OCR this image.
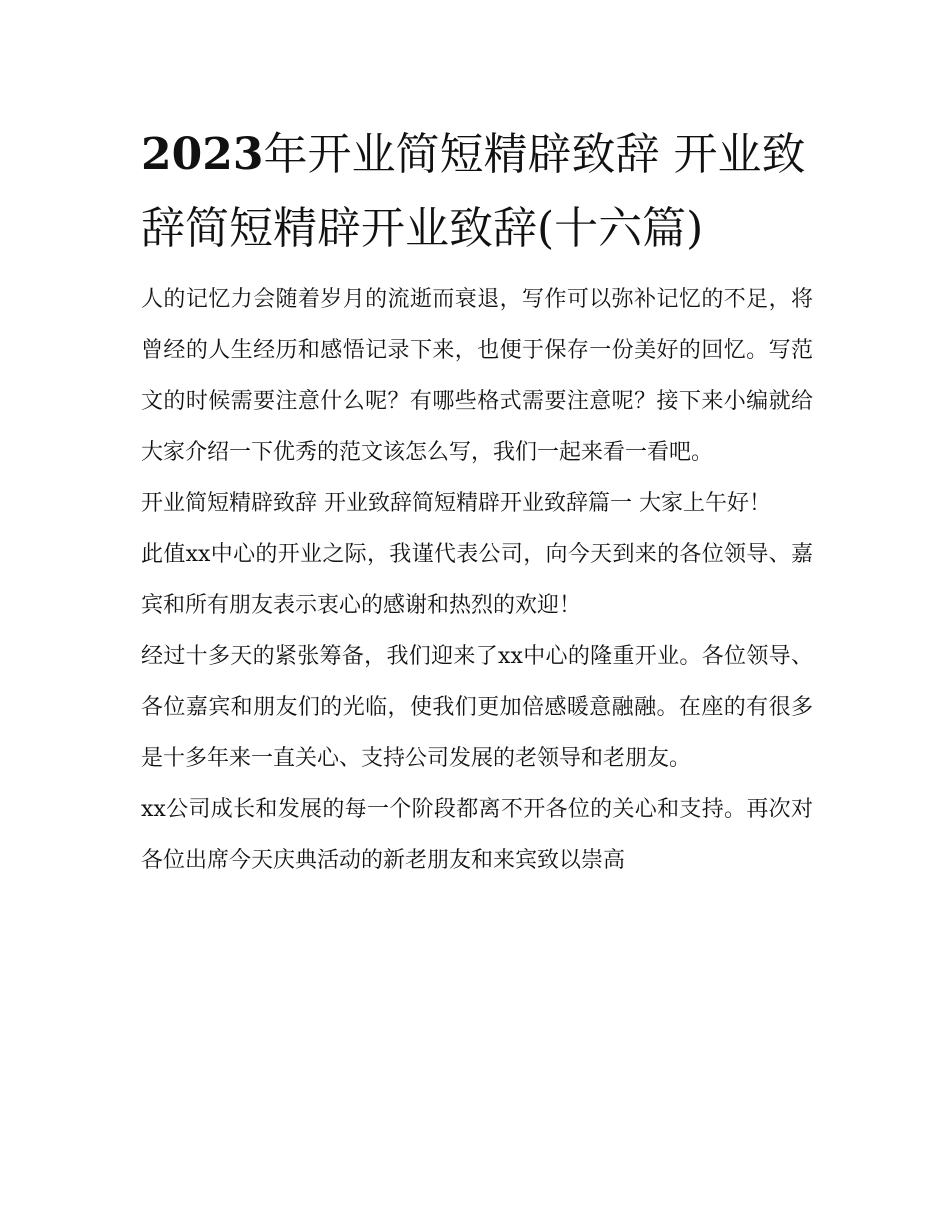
2023年开业简短精辟致辞 开业致辞简短精辟开业致辞(十六篇)

人的记忆力会随着岁月的流逝而衰退，写作可以弥补记忆的不足，将曾经的人生经历和感悟记录下来，也便于保存一份美好的回忆。写范文的时候需要注意什么呢？有哪些格式需要注意呢？接下来小编就给大家介绍一下优秀的范文该怎么写，我们一起来看一看吧。

开业简短精辟致辞 开业致辞简短精辟开业致辞篇一 大家上午好！

此值xx中心的开业之际，我谨代表公司，向今天到来的各位领导、嘉宾和所有朋友表示衷心的感谢和热烈的欢迎！

经过十多天的紧张筹备，我们迎来了xx中心的隆重开业。各位领导、各位嘉宾和朋友们的光临，使我们更加倍感暖意融融。在座的有很多是十多年来一直关心、支持公司发展的老领导和老朋友。

xx公司成长和发展的每一个阶段都离不开各位的关心和支持。再次对各位出席今天庆典活动的新老朋友和来宾致以崇高
